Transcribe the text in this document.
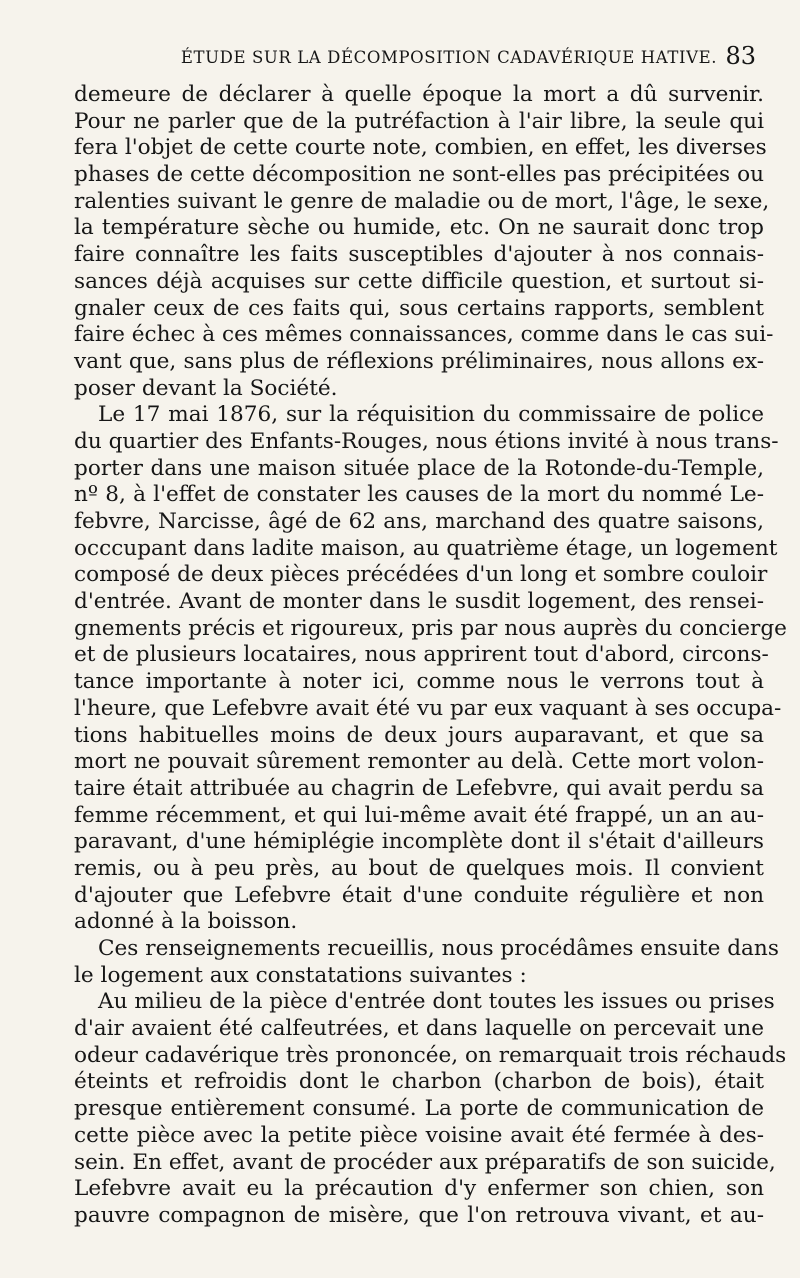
ÉTUDE SUR LA DÉCOMPOSITION CADAVÉRIQUE HATIVE. 83
demeure de déclarer à quelle époque la mort a dû survenir.
Pour ne parler que de la putréfaction à l'air libre, la seule qui
fera l'objet de cette courte note, combien, en effet, les diverses
phases de cette décomposition ne sont-elles pas précipitées ou
ralenties suivant le genre de maladie ou de mort, l'âge, le sexe,
la température sèche ou humide, etc. On ne saurait donc trop
faire connaître les faits susceptibles d'ajouter à nos connais-
sances déjà acquises sur cette difficile question, et surtout si-
gnaler ceux de ces faits qui, sous certains rapports, semblent
faire échec à ces mêmes connaissances, comme dans le cas sui-
vant que, sans plus de réflexions préliminaires, nous allons ex-
poser devant la Société.
Le 17 mai 1876, sur la réquisition du commissaire de police
du quartier des Enfants-Rouges, nous étions invité à nous trans-
porter dans une maison située place de la Rotonde-du-Temple,
nº 8, à l'effet de constater les causes de la mort du nommé Le-
febvre, Narcisse, âgé de 62 ans, marchand des quatre saisons,
occcupant dans ladite maison, au quatrième étage, un logement
composé de deux pièces précédées d'un long et sombre couloir
d'entrée. Avant de monter dans le susdit logement, des rensei-
gnements précis et rigoureux, pris par nous auprès du concierge
et de plusieurs locataires, nous apprirent tout d'abord, circons-
tance importante à noter ici, comme nous le verrons tout à
l'heure, que Lefebvre avait été vu par eux vaquant à ses occupa-
tions habituelles moins de deux jours auparavant, et que sa
mort ne pouvait sûrement remonter au delà. Cette mort volon-
taire était attribuée au chagrin de Lefebvre, qui avait perdu sa
femme récemment, et qui lui-même avait été frappé, un an au-
paravant, d'une hémiplégie incomplète dont il s'était d'ailleurs
remis, ou à peu près, au bout de quelques mois. Il convient
d'ajouter que Lefebvre était d'une conduite régulière et non
adonné à la boisson.
Ces renseignements recueillis, nous procédâmes ensuite dans
le logement aux constatations suivantes :
Au milieu de la pièce d'entrée dont toutes les issues ou prises
d'air avaient été calfeutrées, et dans laquelle on percevait une
odeur cadavérique très prononcée, on remarquait trois réchauds
éteints et refroidis dont le charbon (charbon de bois), était
presque entièrement consumé. La porte de communication de
cette pièce avec la petite pièce voisine avait été fermée à des-
sein. En effet, avant de procéder aux préparatifs de son suicide,
Lefebvre avait eu la précaution d'y enfermer son chien, son
pauvre compagnon de misère, que l'on retrouva vivant, et au-
